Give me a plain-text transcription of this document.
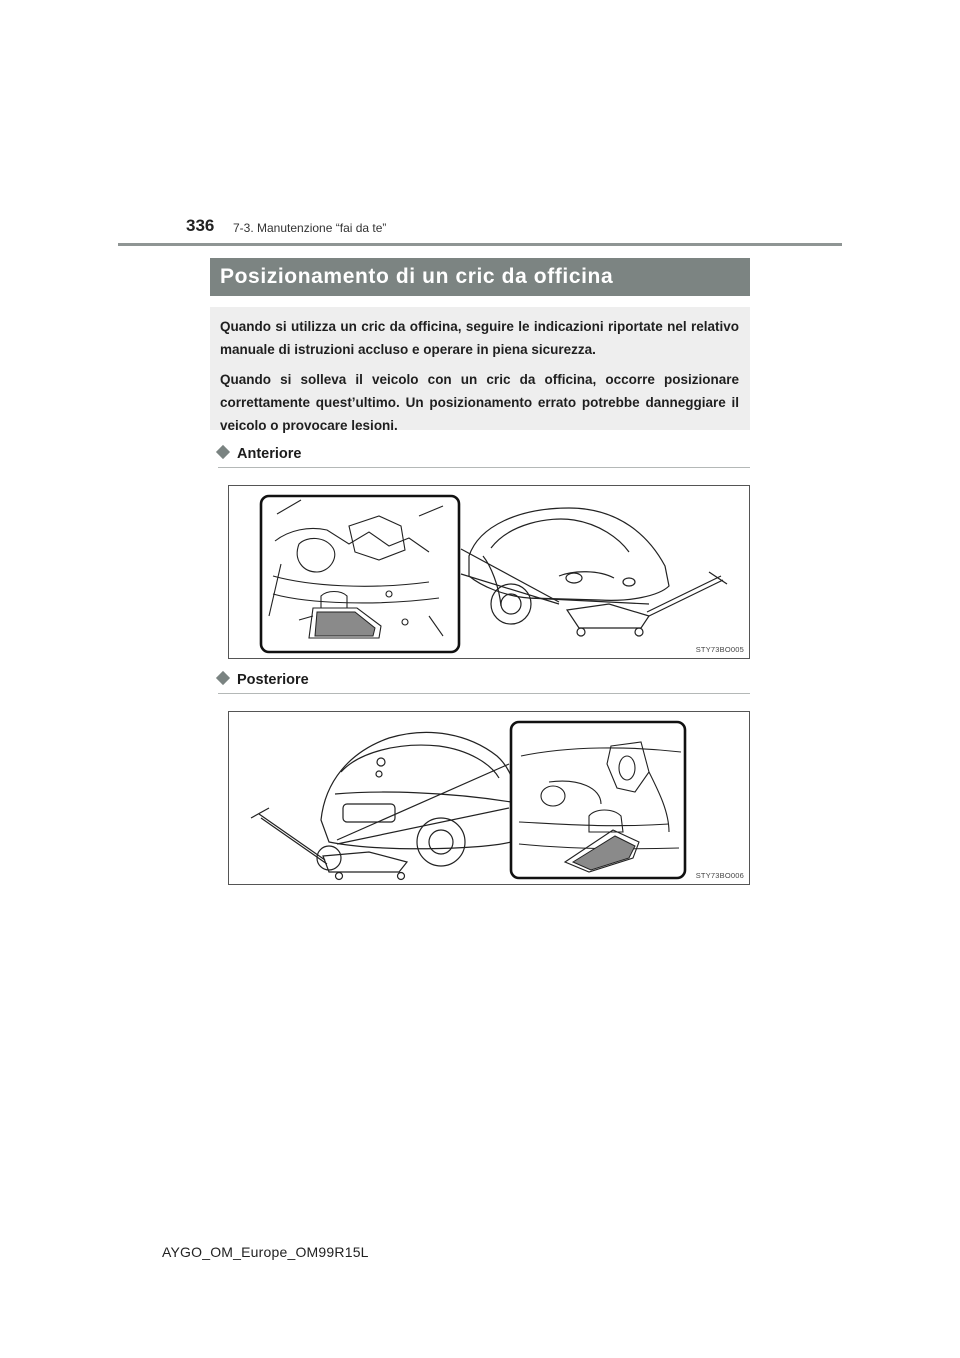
336 7-3. Manutenzione “fai da te”
Posizionamento di un cric da officina

Quando si utilizza un cric da officina, seguire le indicazioni riportate nel relativo manuale di istruzioni accluso e operare in piena sicurezza.

Quando si solleva il veicolo con un cric da officina, occorre posizionare correttamente quest’ultimo. Un posizionamento errato potrebbe danneggiare il veicolo o provocare lesioni.

Anteriore
STY73BO005
Posteriore
STY73BO006
AYGO_OM_Europe_OM99R15L
